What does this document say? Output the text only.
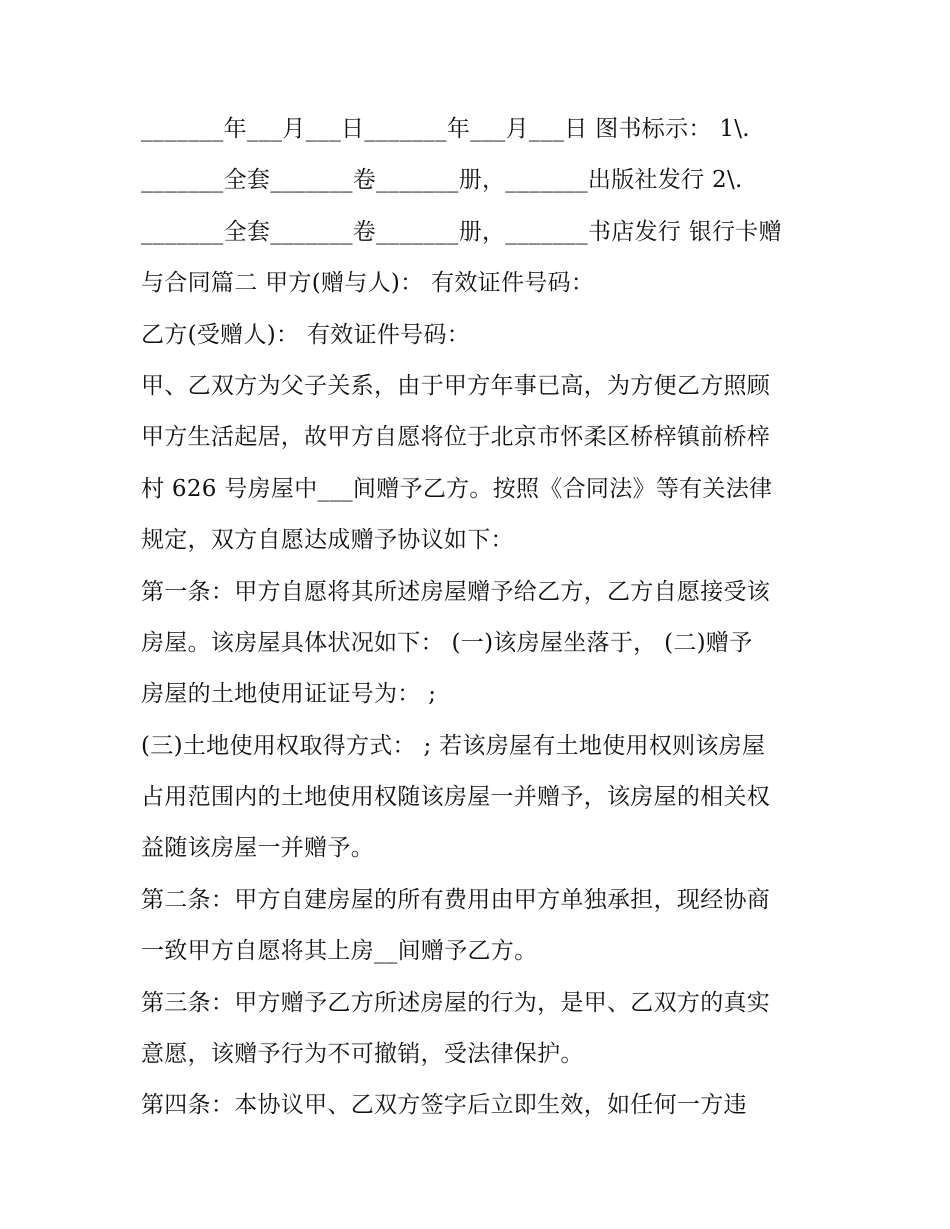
_______年___月___日_______年___月___日 图书标示： 1\.
_______全套_______卷_______册，_______出版社发行 2\.
_______全套_______卷_______册，_______书店发行 银行卡赠
与合同篇二 甲方(赠与人)： 有效证件号码：
乙方(受赠人)： 有效证件号码：
甲、乙双方为父子关系，由于甲方年事已高，为方便乙方照顾
甲方生活起居，故甲方自愿将位于北京市怀柔区桥梓镇前桥梓
村 626 号房屋中___间赠予乙方。按照《合同法》等有关法律
规定，双方自愿达成赠予协议如下：
第一条：甲方自愿将其所述房屋赠予给乙方，乙方自愿接受该
房屋。该房屋具体状况如下： (一)该房屋坐落于， (二)赠予
房屋的土地使用证证号为： ;
(三)土地使用权取得方式： ; 若该房屋有土地使用权则该房屋
占用范围内的土地使用权随该房屋一并赠予，该房屋的相关权
益随该房屋一并赠予。
第二条：甲方自建房屋的所有费用由甲方单独承担，现经协商
一致甲方自愿将其上房__间赠予乙方。
第三条：甲方赠予乙方所述房屋的行为，是甲、乙双方的真实
意愿，该赠予行为不可撤销，受法律保护。
第四条：本协议甲、乙双方签字后立即生效，如任何一方违
